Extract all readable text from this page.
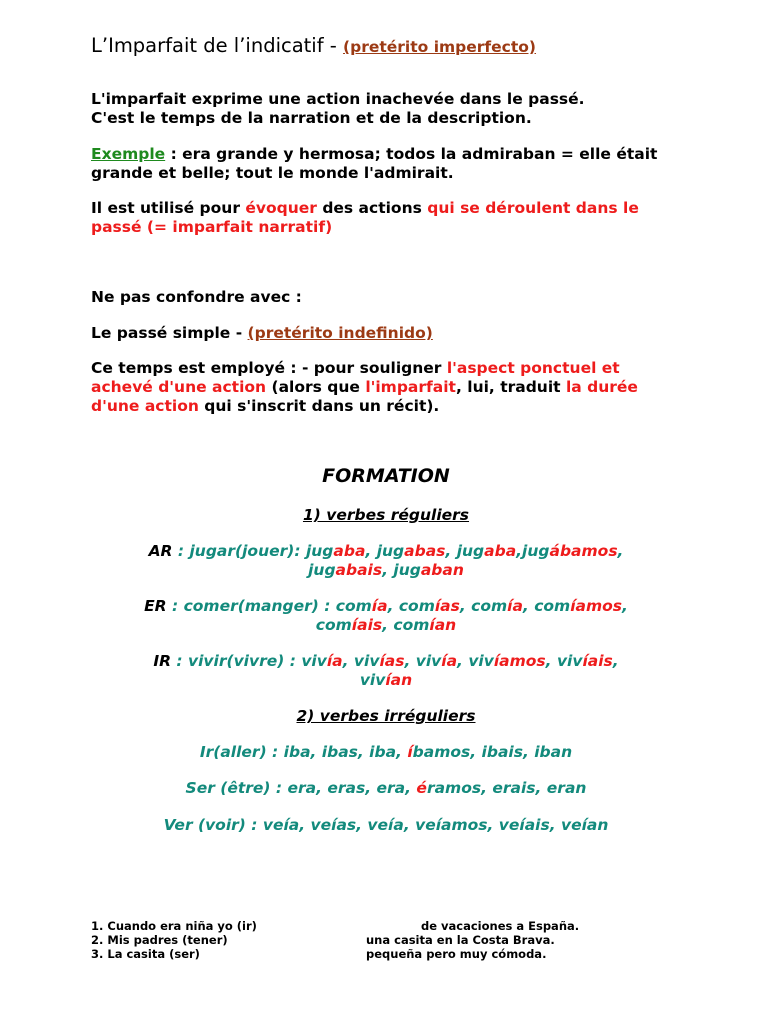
L’Imparfait de l’indicatif - (pretérito imperfecto)
L'imparfait exprime une action inachevée dans le passé.
C'est le temps de la narration et de la description.
Exemple : era grande y hermosa; todos la admiraban = elle était grande et belle; tout le monde l'admirait.
Il est utilisé pour évoquer des actions qui se déroulent dans le passé (= imparfait narratif)
Ne pas confondre avec :
Le passé simple - (pretérito indefinido)
Ce temps est employé : - pour souligner l'aspect ponctuel et achevé d'une action (alors que l'imparfait, lui, traduit la durée d'une action qui s'inscrit dans un récit).
FORMATION
1) verbes réguliers
AR : jugar(jouer): jugaba, jugabas, jugaba,jugábamos,
jugabais, jugaban
ER : comer(manger) : comía, comías, comía, comíamos,
comíais, comían
IR : vivir(vivre) : vivía, vivías, vivía, vivíamos, vivíais,
vivían
2) verbes irréguliers
Ir(aller) : iba, ibas, iba, íbamos, ibais, iban
Ser (être) : era, eras, era, éramos, erais, eran
Ver (voir) : veía, veías, veía, veíamos, veíais, veían
1. Cuando era niña yo (ir)	de vacaciones a España.
2. Mis padres (tener)	una casita en la Costa Brava.
3. La casita (ser)	pequeña pero muy cómoda.
